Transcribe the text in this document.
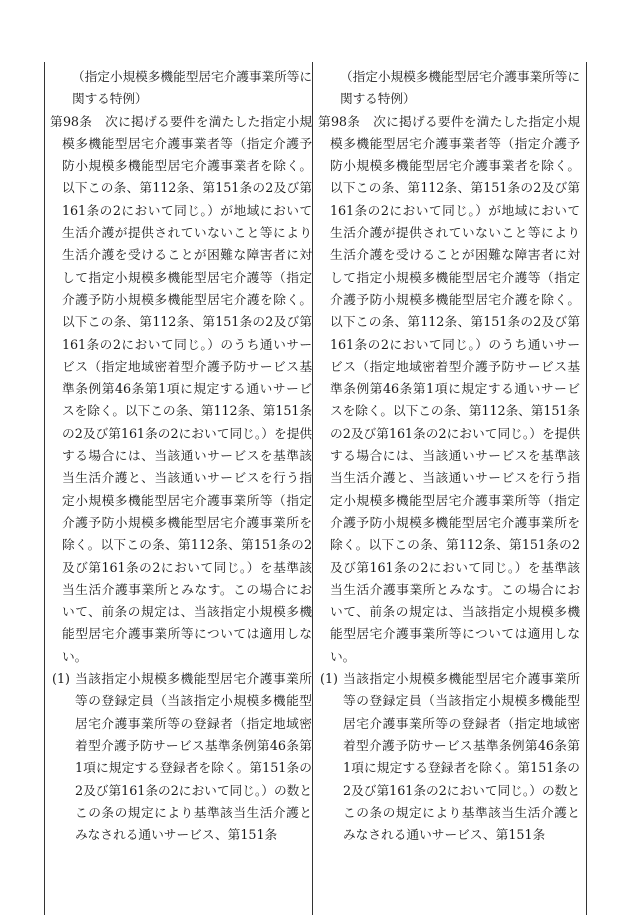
（指定小規模多機能型居宅介護事業所等に関する特例）

第98条　次に掲げる要件を満たした指定小規模多機能型居宅介護事業者等（指定介護予防小規模多機能型居宅介護事業者を除く。以下この条、第112条、第151条の2及び第161条の2において同じ。）が地域において生活介護が提供されていないこと等により生活介護を受けることが困難な障害者に対して指定小規模多機能型居宅介護等（指定介護予防小規模多機能型居宅介護を除く。以下この条、第112条、第151条の2及び第161条の2において同じ。）のうち通いサービス（指定地域密着型介護予防サービス基準条例第46条第1項に規定する通いサービスを除く。以下この条、第112条、第151条の2及び第161条の2において同じ。）を提供する場合には、当該通いサービスを基準該当生活介護と、当該通いサービスを行う指定小規模多機能型居宅介護事業所等（指定介護予防小規模多機能型居宅介護事業所を除く。以下この条、第112条、第151条の2及び第161条の2において同じ。）を基準該当生活介護事業所とみなす。この場合において、前条の規定は、当該指定小規模多機能型居宅介護事業所等については適用しない。

(1) 当該指定小規模多機能型居宅介護事業所等の登録定員（当該指定小規模多機能型居宅介護事業所等の登録者（指定地域密着型介護予防サービス基準条例第46条第1項に規定する登録者を除く。第151条の2及び第161条の2において同じ。）の数とこの条の規定により基準該当生活介護とみなされる通いサービス、第151条

（指定小規模多機能型居宅介護事業所等に関する特例）

第98条　次に掲げる要件を満たした指定小規模多機能型居宅介護事業者等（指定介護予防小規模多機能型居宅介護事業者を除く。以下この条、第112条、第151条の2及び第161条の2において同じ。）が地域において生活介護が提供されていないこと等により生活介護を受けることが困難な障害者に対して指定小規模多機能型居宅介護等（指定介護予防小規模多機能型居宅介護を除く。以下この条、第112条、第151条の2及び第161条の2において同じ。）のうち通いサービス（指定地域密着型介護予防サービス基準条例第46条第1項に規定する通いサービスを除く。以下この条、第112条、第151条の2及び第161条の2において同じ。）を提供する場合には、当該通いサービスを基準該当生活介護と、当該通いサービスを行う指定小規模多機能型居宅介護事業所等（指定介護予防小規模多機能型居宅介護事業所を除く。以下この条、第112条、第151条の2及び第161条の2において同じ。）を基準該当生活介護事業所とみなす。この場合において、前条の規定は、当該指定小規模多機能型居宅介護事業所等については適用しない。

(1) 当該指定小規模多機能型居宅介護事業所等の登録定員（当該指定小規模多機能型居宅介護事業所等の登録者（指定地域密着型介護予防サービス基準条例第46条第1項に規定する登録者を除く。第151条の2及び第161条の2において同じ。）の数とこの条の規定により基準該当生活介護とみなされる通いサービス、第151条
